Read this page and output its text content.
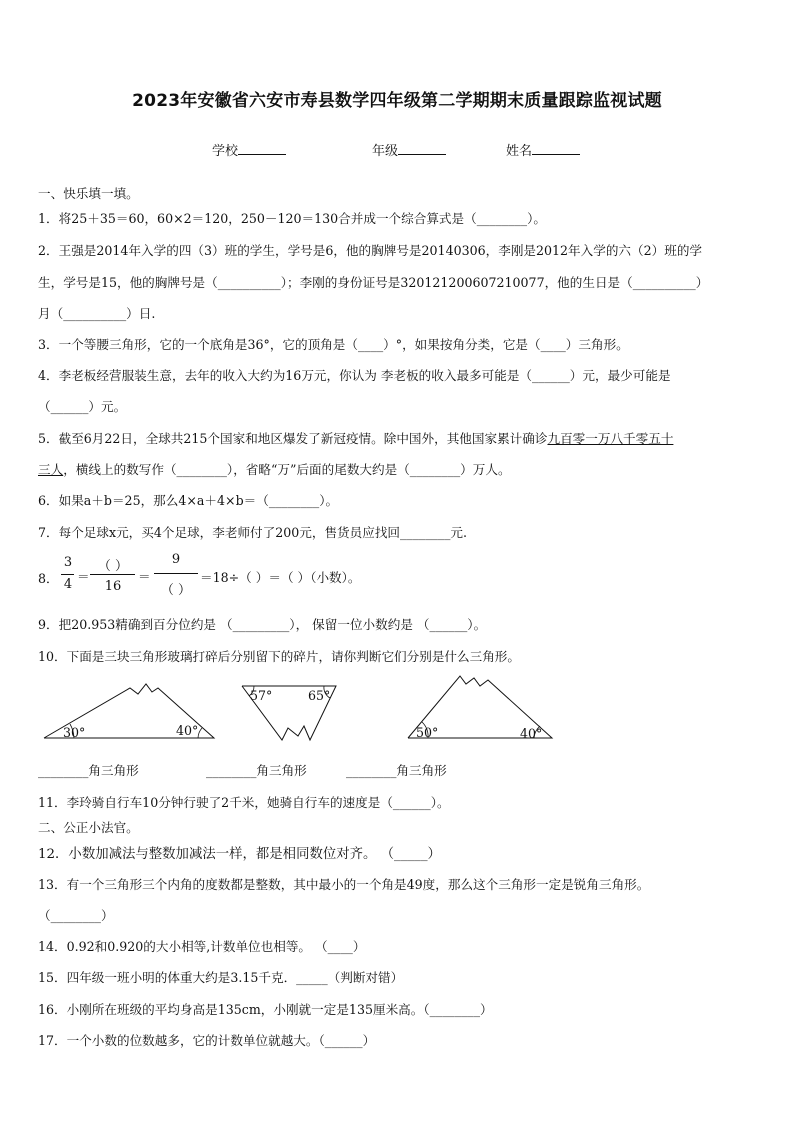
2023年安徽省六安市寿县数学四年级第二学期期末质量跟踪监视试题
学校	年级	姓名
一、快乐填一填。
1．将25＋35＝60，60×2＝120，250－120＝130合并成一个综合算式是（________）。
2．王强是2014年入学的四（3）班的学生，学号是6，他的胸牌号是20140306，李刚是2012年入学的六（2）班的学
生，学号是15，他的胸牌号是（__________）；李刚的身份证号是320121200607210077，他的生日是（__________）
月（__________）日.
3．一个等腰三角形，它的一个底角是36°，它的顶角是（____）°，如果按角分类，它是（____）三角形。
4．李老板经营服装生意，去年的收入大约为16万元，你认为 李老板的收入最多可能是（______）元，最少可能是
（______）元。
5．截至6月22日，全球共215个国家和地区爆发了新冠疫情。除中国外，其他国家累计确诊九百零一万八千零五十
三人，横线上的数写作（________），省略“万”后面的尾数大约是（________）万人。
6．如果a＋b＝25，那么4×a＋4×b＝（________）。
7．每个足球x元，买4个足球，李老师付了200元，售货员应找回________元.
8．
3
4
＝
（ ）
16
＝
9
（ ）
＝18÷（ ）＝（ ）（小数）。
9．把20.953精确到百分位约是 （_________）， 保留一位小数约是 （______）。
10．下面是三块三角形玻璃打碎后分别留下的碎片，请你判断它们分别是什么三角形。
30°	40°
57°	65°
50°	40°
________角三角形	________角三角形	________角三角形
11．李玲骑自行车10分钟行驶了2千米，她骑自行车的速度是（______）。
二、公正小法官。
12．小数加减法与整数加减法一样，都是相同数位对齐。 （_____）
13．有一个三角形三个内角的度数都是整数，其中最小的一个角是49度，那么这个三角形一定是锐角三角形。
（________）
14．0.92和0.920的大小相等,计数单位也相等。 （____）
15．四年级一班小明的体重大约是3.15千克．_____（判断对错）
16．小刚所在班级的平均身高是135cm，小刚就一定是135厘米高。（________）
17．一个小数的位数越多，它的计数单位就越大。（______）
